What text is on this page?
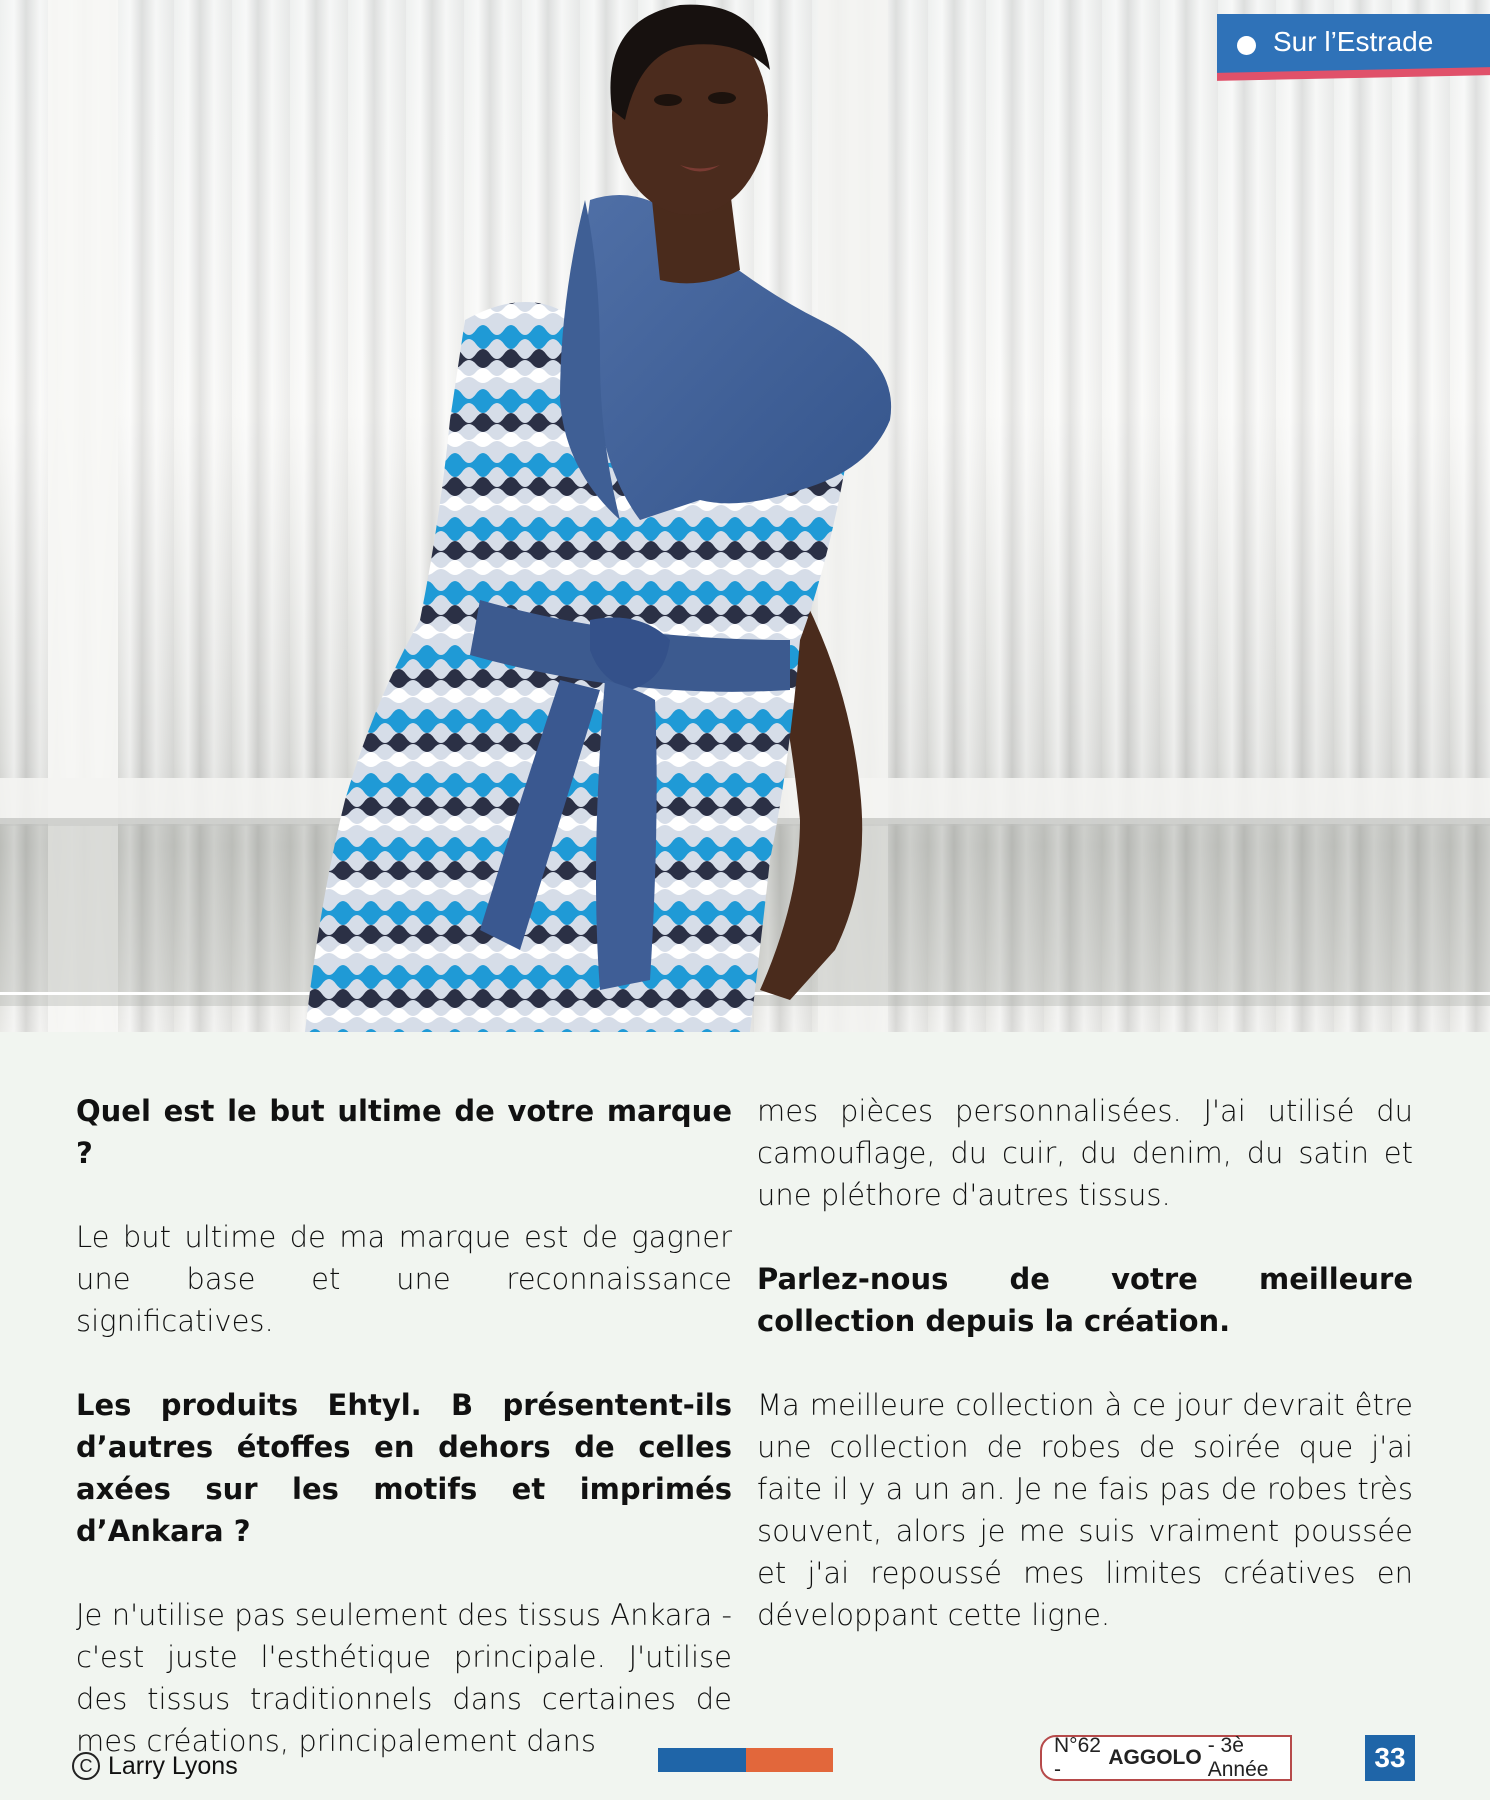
Sur l’Estrade
Quel est le but ultime de votre marque ?

Le but ultime de ma marque est de gagner une base et une reconnaissance significatives.

Les produits Ehtyl. B présentent-ils d’autres étoffes en dehors de celles axées sur les motifs et imprimés d’Ankara ?

Je n'utilise pas seulement des tissus Ankara - c'est juste l'esthétique principale. J'utilise des tissus traditionnels dans certaines de mes créations, principalement dans

mes pièces personnalisées. J'ai utilisé du camouflage, du cuir, du denim, du satin et une pléthore d'autres tissus.

Parlez-nous de votre meilleure collection depuis la création.

Ma meilleure collection à ce jour devrait être une collection de robes de soirée que j'ai faite il y a un an. Je ne fais pas de robes très souvent, alors je me suis vraiment poussée et j'ai repoussé mes limites créatives en développant cette ligne.

C Larry Lyons
N°62 -
AGGOLO
- 3è Année	33
